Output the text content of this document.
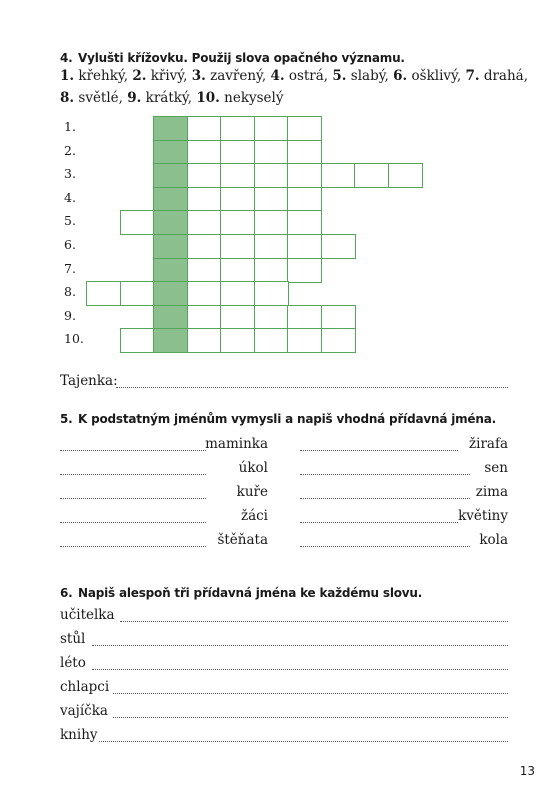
4. Vylušti křížovku. Použij slova opačného významu.
1. křehký, 2. křivý, 3. zavřený, 4. ostrá, 5. slabý, 6. ošklivý, 7. drahá,
8. světlé, 9. krátký, 10. nekyselý
1.
2.
3.
4.
5.
6.
7.
8.
9.
10.
Tajenka:
5. K podstatným jménům vymysli a napiš vhodná přídavná jména.
maminka	žirafa
úkol	sen
kuře	zima
žáci	květiny
štěňata	kola
6. Napiš alespoň tři přídavná jména ke každému slovu.
učitelka
stůl
léto
chlapci
vajíčka
knihy
13
